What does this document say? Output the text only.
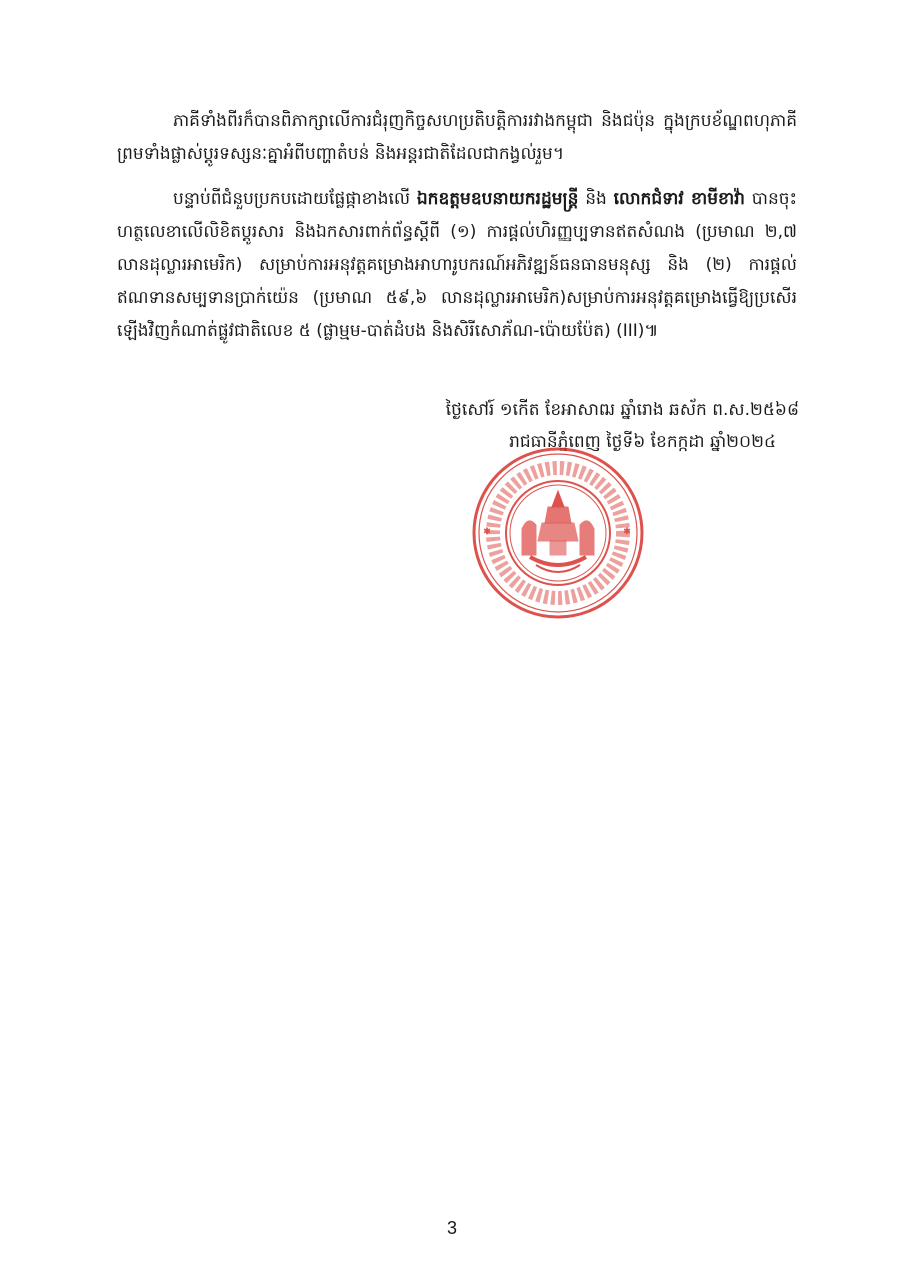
ភាគីទាំងពីរក៏បានពិភាក្សាលើការជំរុញកិច្ចសហប្រតិបត្តិការរវាងកម្ពុជា និងជប៉ុន ក្នុងក្របខ័ណ្ឌពហុភាគី ព្រមទាំងផ្លាស់ប្តូរទស្សនៈគ្នាអំពីបញ្ហាតំបន់ និងអន្តរជាតិដែលជាកង្វល់រួម។

បន្ទាប់ពីជំនួបប្រកបដោយផ្លែផ្កាខាងលើ ឯកឧត្តមឧបនាយករដ្ឋមន្ត្រី និង លោកជំទាវ ខាមីខាវ៉ា បានចុះហត្ថលេខាលើលិខិតប្តូរសារ និងឯកសារពាក់ព័ន្ធស្តីពី (១) ការផ្តល់ហិរញ្ញប្បទានឥតសំណង (ប្រមាណ ២,៧ លានដុល្លារអាមេរិក) សម្រាប់ការអនុវត្តគម្រោងអាហារូបករណ៍អភិវឌ្ឍន៍ធនធានមនុស្ស និង (២) ការផ្តល់ឥណទានសម្បទានប្រាក់យ៉េន (ប្រមាណ ៥៩,៦ លានដុល្លារអាមេរិក)សម្រាប់ការអនុវត្តគម្រោងធ្វើឱ្យប្រសើរឡើងវិញកំណាត់ផ្លូវជាតិលេខ ៥ (ផ្លាម្មម-បាត់ដំបង និងសិរីសោភ័ណ-ប៉ោយប៉ែត) (III)៕

ថ្ងៃសៅរ៍ ១កើត ខែអាសាឍ ឆ្នាំរោង ឆស័ក ព.ស.២៥៦៨
រាជធានីភ្នំពេញ ថ្ងៃទី៦ ខែកក្កដា ឆ្នាំ២០២៤
*	*
3
